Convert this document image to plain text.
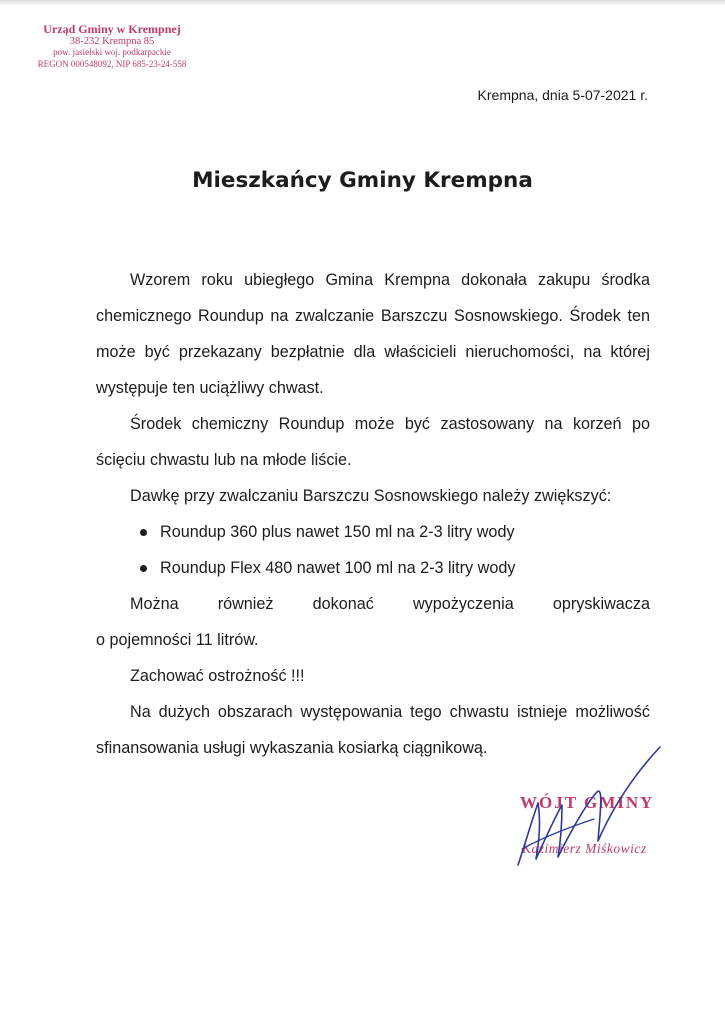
Urząd Gminy w Krempnej
38-232 Krempna 85
pow. jasielski woj. podkarpackie
REGON 000548092, NIP 685-23-24-558
Krempna, dnia 5-07-2021 r.
Mieszkańcy Gminy Krempna

Wzorem roku ubiegłego Gmina Krempna dokonała zakupu środka chemicznego Roundup na zwalczanie Barszczu Sosnowskiego. Środek ten może być przekazany bezpłatnie dla właścicieli nieruchomości, na której występuje ten uciążliwy chwast.

Środek chemiczny Roundup może być zastosowany na korzeń po ścięciu chwastu lub na młode liście.

Dawkę przy zwalczaniu Barszczu Sosnowskiego należy zwiększyć:

Roundup 360 plus nawet 150 ml na 2-3 litry wody
Roundup Flex 480 nawet 100 ml na 2-3 litry wody

Można również dokonać wypożyczenia opryskiwacza

o pojemności 11 litrów.

Zachować ostrożność !!!

Na dużych obszarach występowania tego chwastu istnieje możliwość sfinansowania usługi wykaszania kosiarką ciągnikową.

WÓJT GMINY
Kazimierz Miśkowicz
